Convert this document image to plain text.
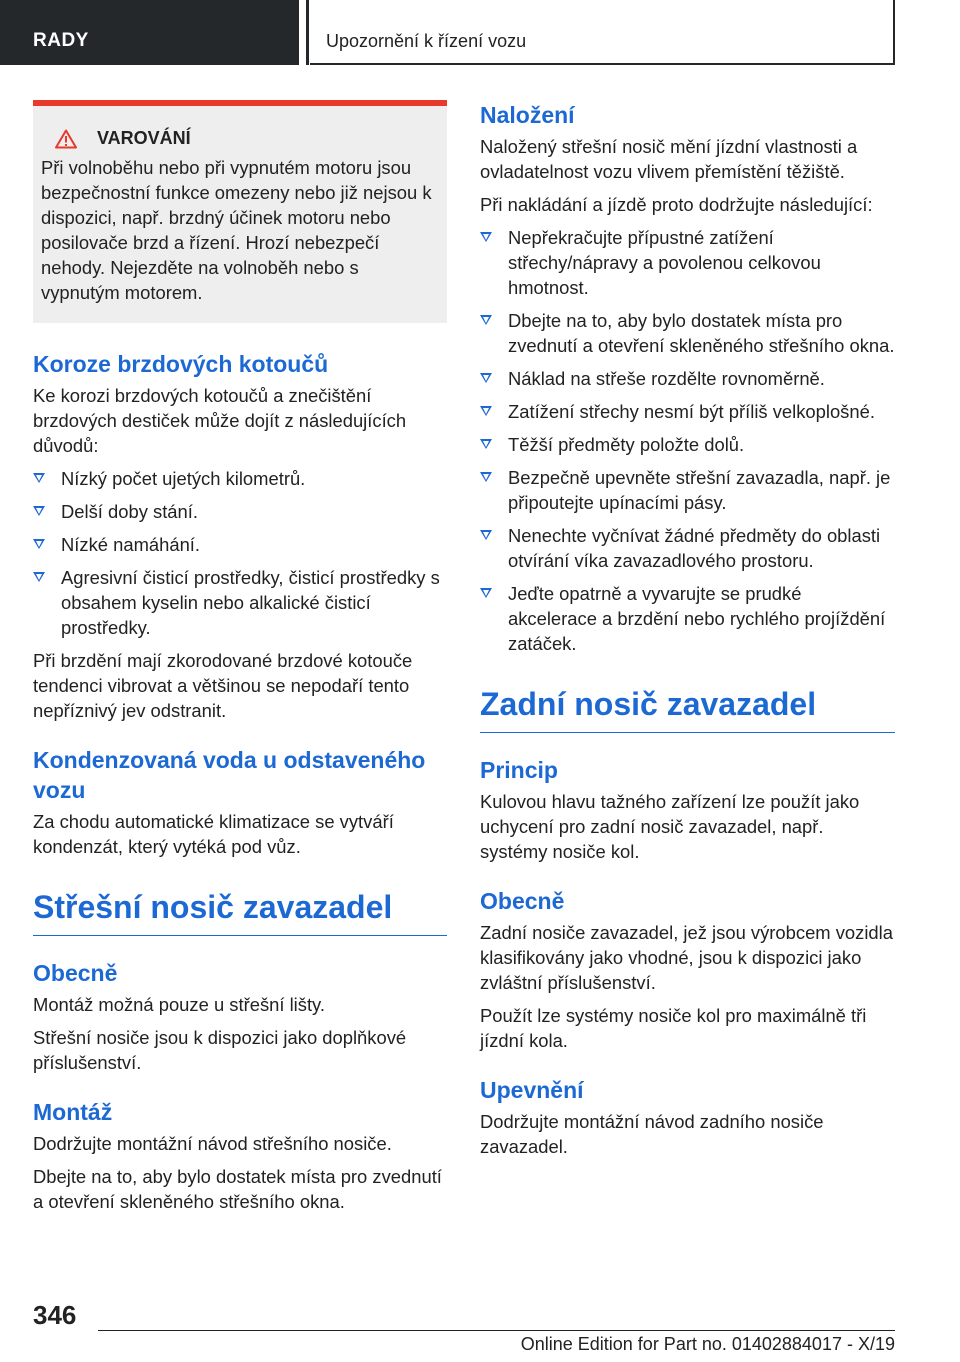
RADY	Upozornění k řízení vozu
VAROVÁNÍ

Při volnoběhu nebo při vypnutém motoru jsou bezpečnostní funkce omezeny nebo již nejsou k dispozici, např. brzdný účinek motoru nebo posilovače brzd a řízení. Hrozí nebezpečí nehody. Nejezděte na volnoběh nebo s vypnutým motorem.

Koroze brzdových kotoučů

Ke korozi brzdových kotoučů a znečištění brzdových destiček může dojít z následujících důvodů:

Nízký počet ujetých kilometrů.
Delší doby stání.
Nízké namáhání.
Agresivní čisticí prostředky, čisticí prostředky s obsahem kyselin nebo alkalické čisticí prostředky.

Při brzdění mají zkorodované brzdové kotouče tendenci vibrovat a většinou se nepodaří tento nepříznivý jev odstranit.

Kondenzovaná voda u odstaveného vozu

Za chodu automatické klimatizace se vytváří kondenzát, který vytéká pod vůz.

Střešní nosič zavazadel
Obecně

Montáž možná pouze u střešní lišty.

Střešní nosiče jsou k dispozici jako doplňkové příslušenství.

Montáž

Dodržujte montážní návod střešního nosiče.

Dbejte na to, aby bylo dostatek místa pro zvednutí a otevření skleněného střešního okna.

Naložení

Naložený střešní nosič mění jízdní vlastnosti a ovladatelnost vozu vlivem přemístění těžiště.

Při nakládání a jízdě proto dodržujte následující:

Nepřekračujte přípustné zatížení střechy/nápravy a povolenou celkovou hmotnost.
Dbejte na to, aby bylo dostatek místa pro zvednutí a otevření skleněného střešního okna.
Náklad na střeše rozdělte rovnoměrně.
Zatížení střechy nesmí být příliš velkoplošné.
Těžší předměty položte dolů.
Bezpečně upevněte střešní zavazadla, např. je připoutejte upínacími pásy.
Nenechte vyčnívat žádné předměty do oblasti otvírání víka zavazadlového prostoru.
Jeďte opatrně a vyvarujte se prudké akcelerace a brzdění nebo rychlého projíždění zatáček.
Zadní nosič zavazadel
Princip

Kulovou hlavu tažného zařízení lze použít jako uchycení pro zadní nosič zavazadel, např. systémy nosiče kol.

Obecně

Zadní nosiče zavazadel, jež jsou výrobcem vozidla klasifikovány jako vhodné, jsou k dispozici jako zvláštní příslušenství.

Použít lze systémy nosiče kol pro maximálně tři jízdní kola.

Upevnění

Dodržujte montážní návod zadního nosiče zavazadel.

346
Online Edition for Part no. 01402884017 - X/19
